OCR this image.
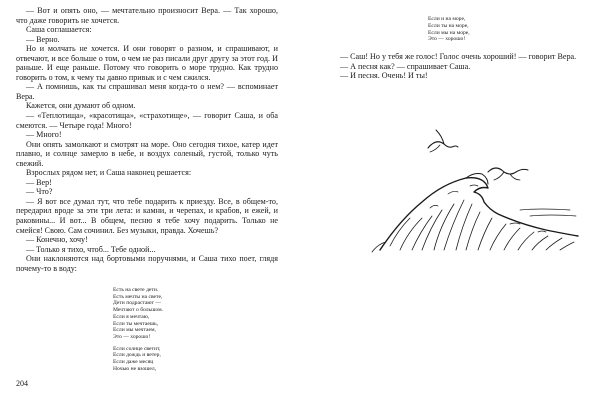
— Вот и опять оно, — мечтательно произносит Вера. — Так хорошо, что даже говорить не хочется.

Саша соглашается:

— Верно.

Но и молчать не хочется. И они говорят о разном, и спрашивают, и отвечают, и все больше о том, о чем не раз писали друг другу за этот год. И раньше. И еще раньше. Потому что говорить о море трудно. Как трудно говорить о том, к чему ты давно привык и с чем сжился.

— А помнишь, как ты спрашивал меня когда-то о нем? — вспоминает Вера.

Кажется, они думают об одном.

— «Теплотища», «красотища», «страхотище», — говорит Саша, и оба смеются. — Четыре года! Много!

— Много!

Они опять замолкают и смотрят на море. Оно сегодня тихое, катер идет плавно, и солнце замерло в небе, и воздух соленый, густой, только чуть свежий.

Взрослых рядом нет, и Саша наконец решается:

— Вер!

— Что?

— Я вот все думал тут, что тебе подарить к приезду. Все, в общем-то, передарил вроде за эти три лета: и камни, и черепах, и крабов, и ежей, и раковины... И вот... В общем, песню я тебе хочу подарить. Только не смейся! Свою. Сам сочинил. Без музыки, правда. Хочешь?

— Конечно, хочу!

— Только я тихо, чтоб... Тебе одной...

Они наклоняются над бортовыми поручнями, и Саша тихо поет, глядя почему-то в воду:

Есть на свете дети.
Есть мечты на свете,
Дети подрастают —
Мечтают о большом.
Если я мечтаю,
Если ты мечтаешь,
Если мы мечтаем,
Это — хорошо!
Если солнце светит,
Если дождь и ветер,
Если даже месяц
Ночью не взошел,
204
Если и на море,
Если ты на море,
Если мы на море,
Это — хорошо!

— Саш! Но у тебя же голос! Голос очень хороший! — говорит Вера.

— А песня как? — спрашивает Саша.

— И песня. Очень! И ты!
